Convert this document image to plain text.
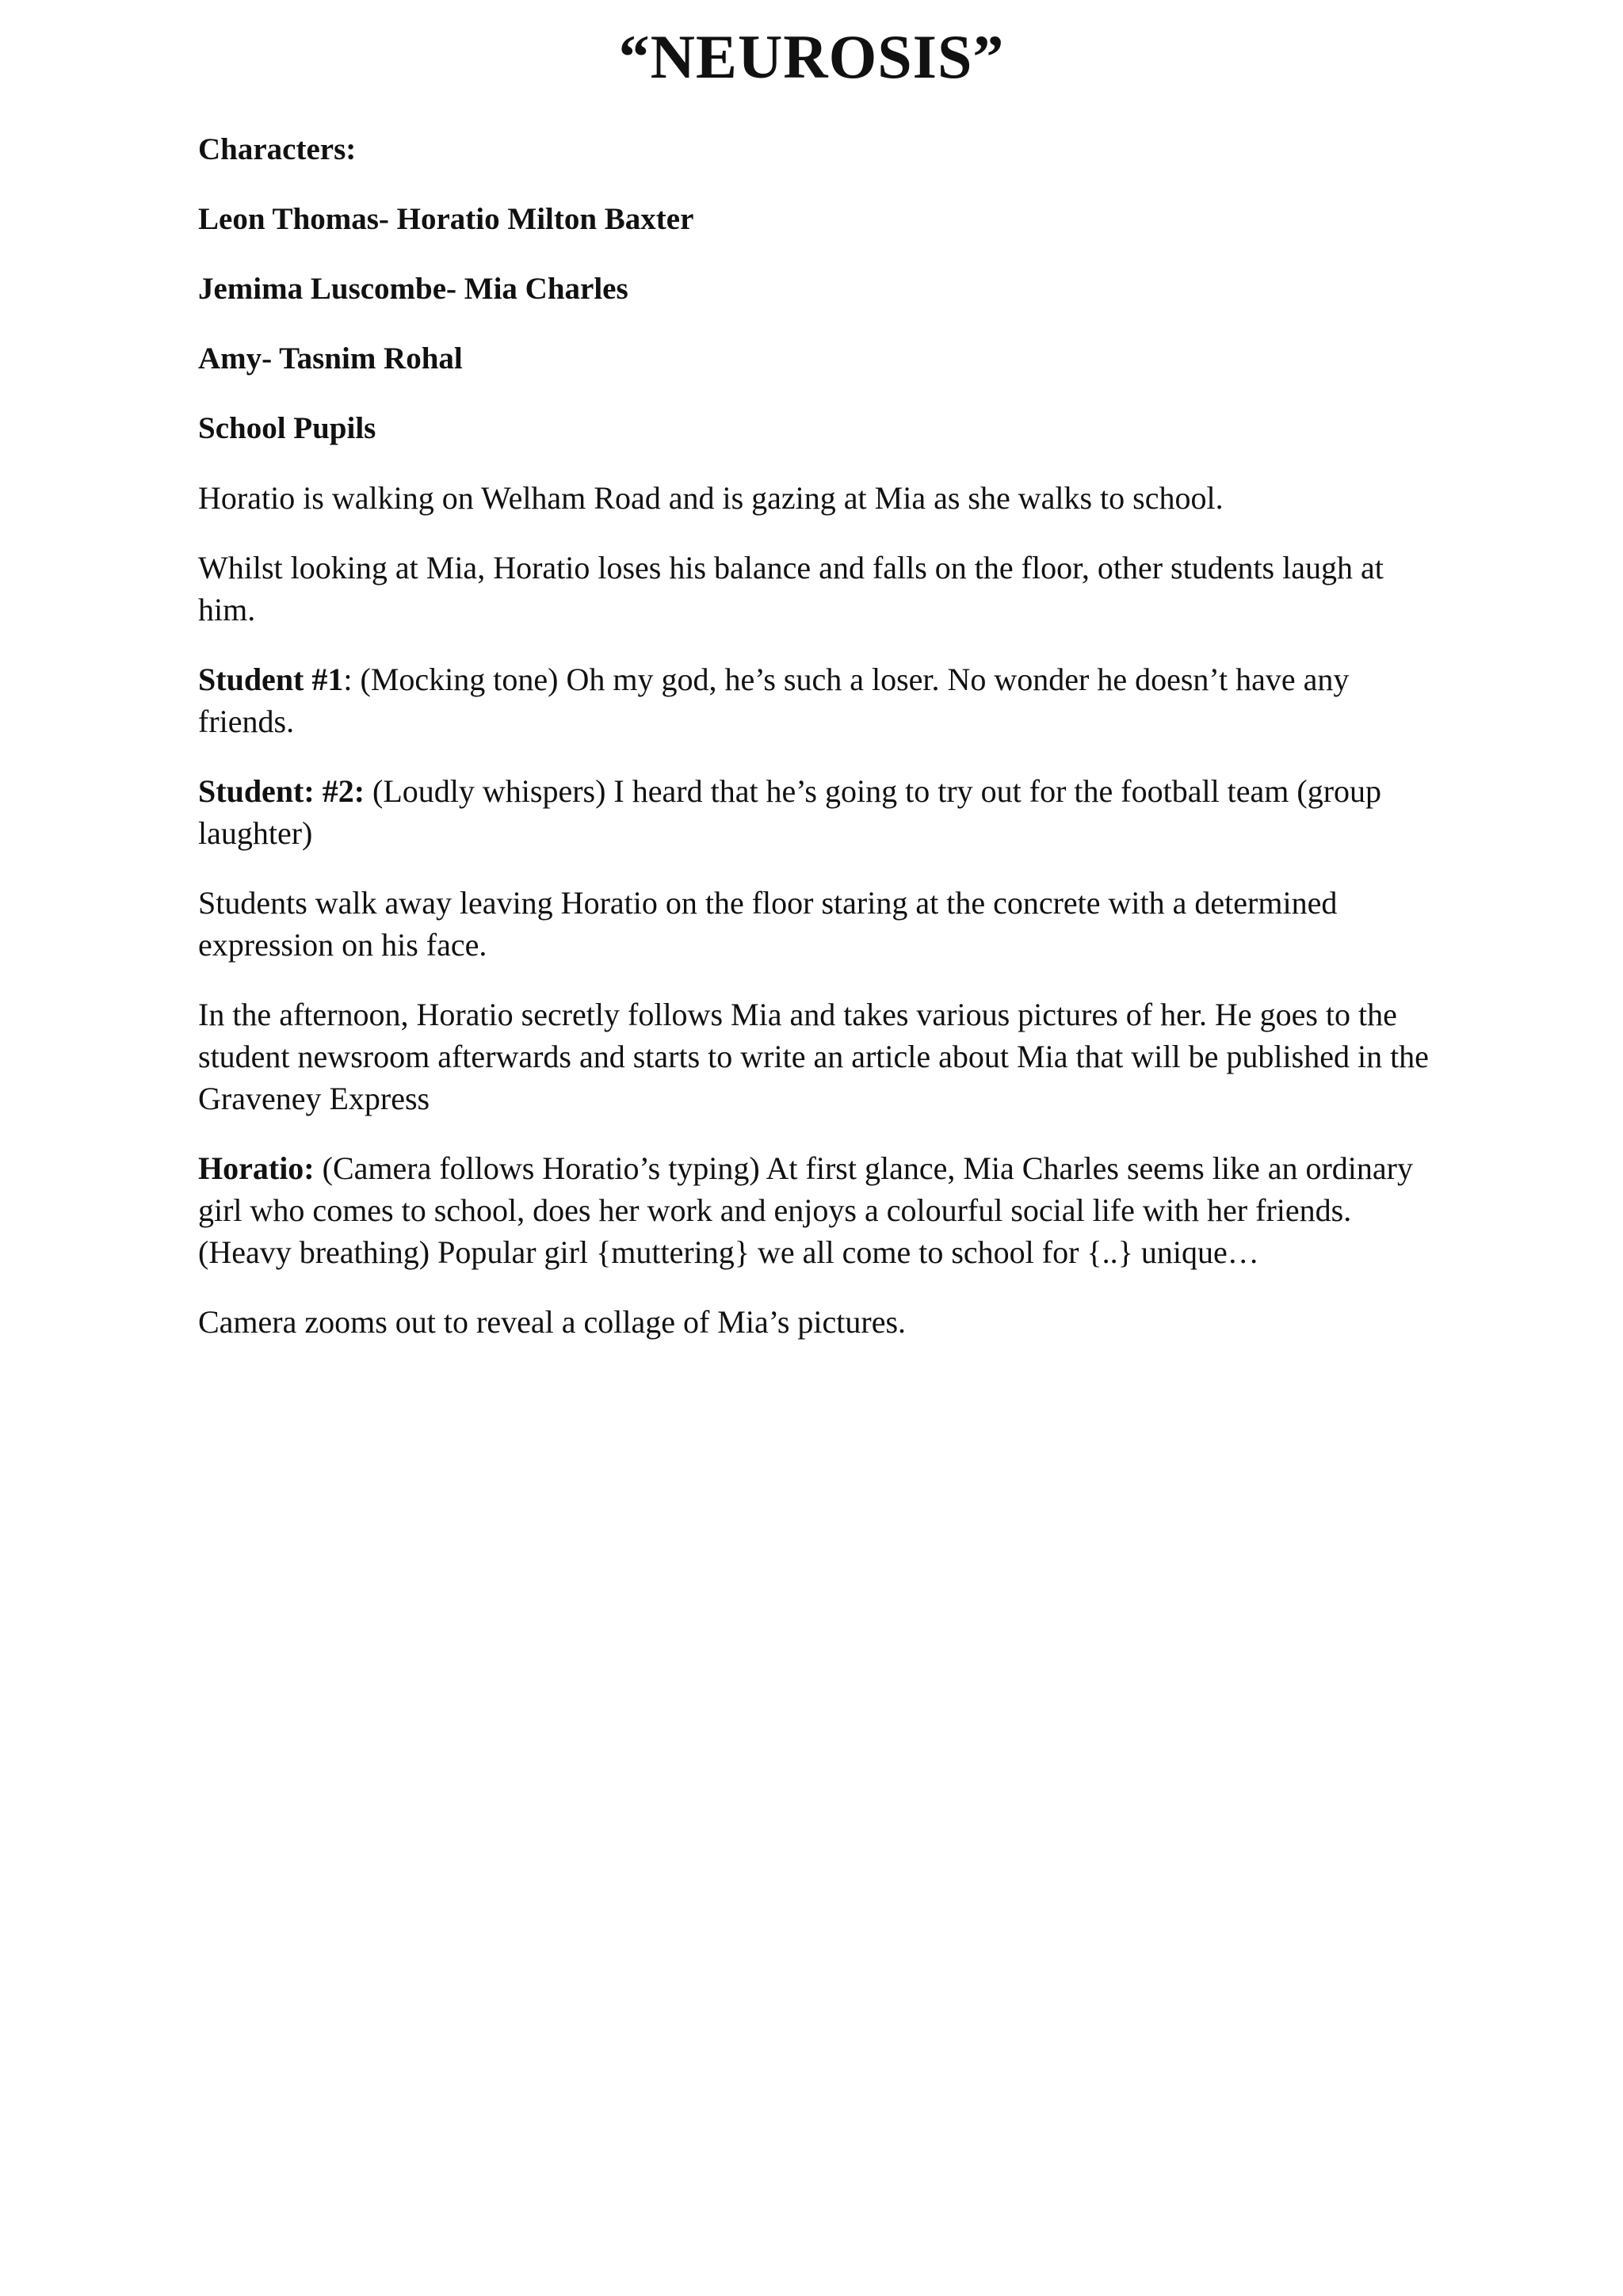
“NEUROSIS”

Characters:

Leon Thomas- Horatio Milton Baxter

Jemima Luscombe- Mia Charles

Amy- Tasnim Rohal

School Pupils

Horatio is walking on Welham Road and is gazing at Mia as she walks to school.

Whilst looking at Mia, Horatio loses his balance and falls on the floor, other students laugh at him.

Student #1: (Mocking tone) Oh my god, he’s such a loser. No wonder he doesn’t have any friends.

Student: #2: (Loudly whispers) I heard that he’s going to try out for the football team (group laughter)

Students walk away leaving Horatio on the floor staring at the concrete with a determined expression on his face.

In the afternoon, Horatio secretly follows Mia and takes various pictures of her. He goes to the student newsroom afterwards and starts to write an article about Mia that will be published in the Graveney Express

Horatio: (Camera follows Horatio’s typing) At first glance, Mia Charles seems like an ordinary girl who comes to school, does her work and enjoys a colourful social life with her friends. (Heavy breathing) Popular girl {muttering} we all come to school for {..} unique…

Camera zooms out to reveal a collage of Mia’s pictures.
